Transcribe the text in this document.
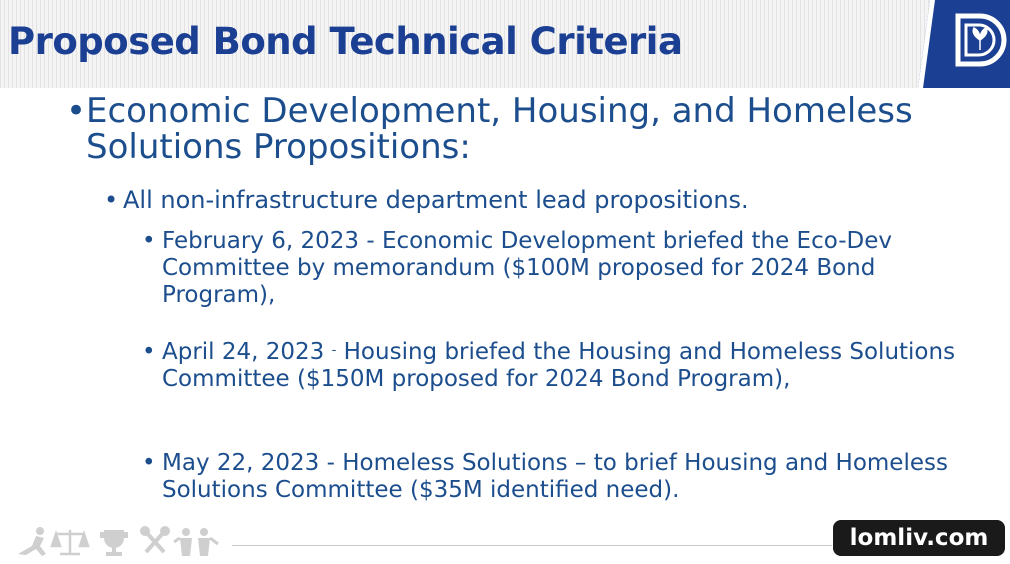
Proposed Bond Technical Criteria
• Economic Development, Housing, and Homeless Solutions Propositions:
• All non-infrastructure department lead propositions.
• February 6, 2023 - Economic Development briefed the Eco-Dev Committee by memorandum ($100M proposed for 2024 Bond Program),
• April 24, 2023 - Housing briefed the Housing and Homeless Solutions Committee ($150M proposed for 2024 Bond Program),
• May 22, 2023 - Homeless Solutions – to brief Housing and Homeless Solutions Committee ($35M identified need).
lomliv.com
